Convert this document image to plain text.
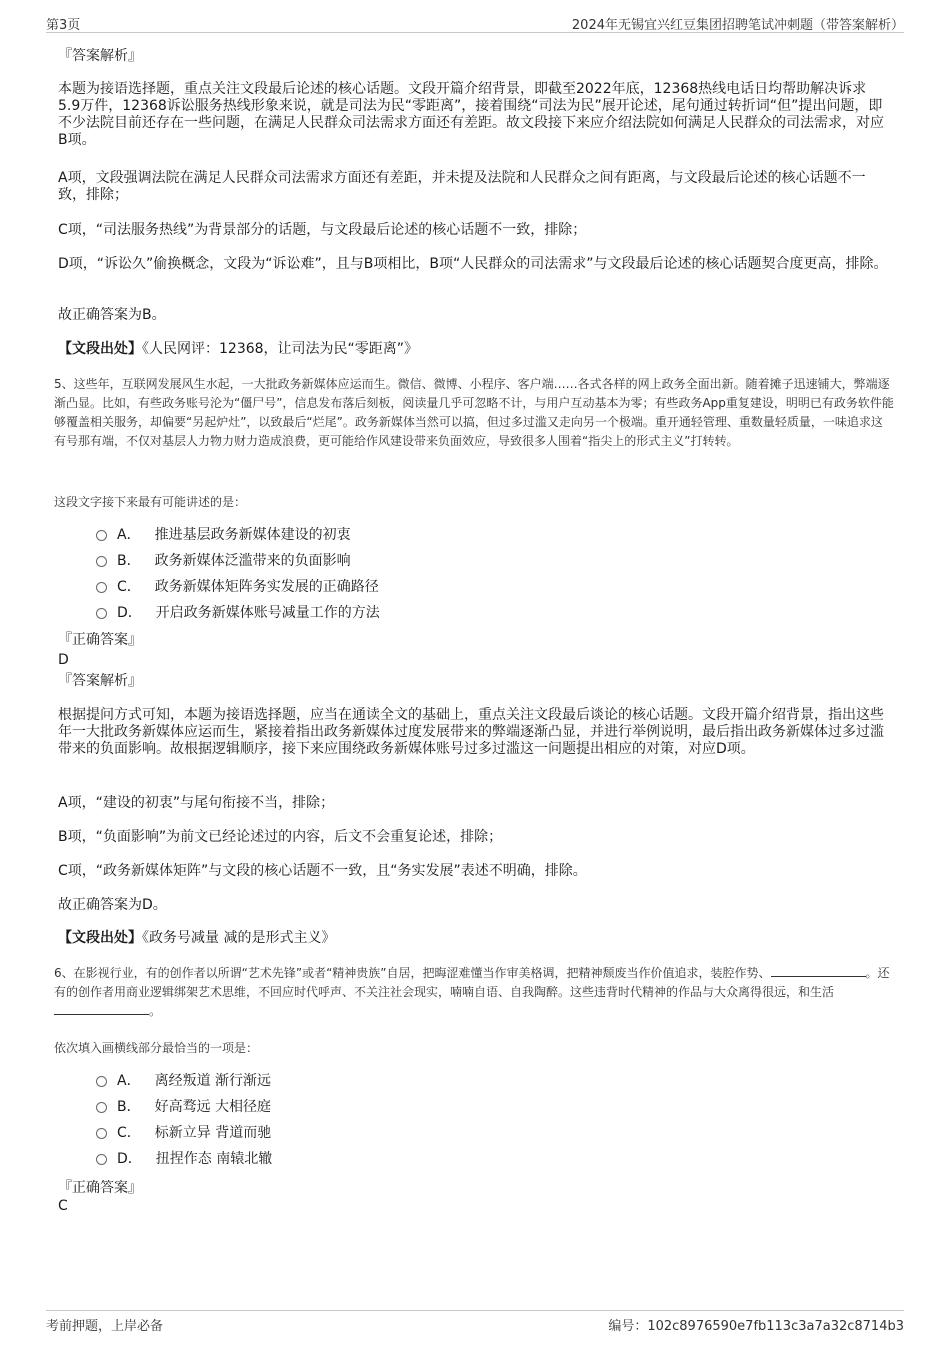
第3页	2024年无锡宜兴红豆集团招聘笔试冲刺题（带答案解析）
『答案解析』
本题为接语选择题，重点关注文段最后论述的核心话题。文段开篇介绍背景，即截至2022年底，12368热线电话日均帮助解决诉求5.9万件，12368诉讼服务热线形象来说，就是司法为民“零距离”，接着围绕“司法为民”展开论述，尾句通过转折词“但”提出问题，即不少法院目前还存在一些问题，在满足人民群众司法需求方面还有差距。故文段接下来应介绍法院如何满足人民群众的司法需求，对应B项。
A项，文段强调法院在满足人民群众司法需求方面还有差距，并未提及法院和人民群众之间有距离，与文段最后论述的核心话题不一致，排除；
C项，“司法服务热线”为背景部分的话题，与文段最后论述的核心话题不一致，排除；
D项，“诉讼久”偷换概念，文段为“诉讼难”，且与B项相比，B项“人民群众的司法需求”与文段最后论述的核心话题契合度更高，排除。
故正确答案为B。
【文段出处】《人民网评：12368，让司法为民“零距离”》
5、这些年，互联网发展风生水起，一大批政务新媒体应运而生。微信、微博、小程序、客户端……各式各样的网上政务全面出新。随着摊子迅速铺大，弊端逐渐凸显。比如，有些政务账号沦为“僵尸号”，信息发布落后刻板，阅读量几乎可忽略不计，与用户互动基本为零；有些政务App重复建设，明明已有政务软件能够覆盖相关服务，却偏要“另起炉灶”，以致最后“烂尾”。政务新媒体当然可以搞，但过多过滥又走向另一个极端。重开通轻管理、重数量轻质量，一味追求这有号那有端，不仅对基层人力物力财力造成浪费，更可能给作风建设带来负面效应，导致很多人围着“指尖上的形式主义”打转转。
这段文字接下来最有可能讲述的是：
A． 推进基层政务新媒体建设的初衷
B． 政务新媒体泛滥带来的负面影响
C． 政务新媒体矩阵务实发展的正确路径
D． 开启政务新媒体账号减量工作的方法
『正确答案』
D
『答案解析』
根据提问方式可知，本题为接语选择题，应当在通读全文的基础上，重点关注文段最后谈论的核心话题。文段开篇介绍背景，指出这些年一大批政务新媒体应运而生，紧接着指出政务新媒体过度发展带来的弊端逐渐凸显，并进行举例说明，最后指出政务新媒体过多过滥带来的负面影响。故根据逻辑顺序，接下来应围绕政务新媒体账号过多过滥这一问题提出相应的对策，对应D项。
A项，“建设的初衷”与尾句衔接不当，排除；
B项，“负面影响”为前文已经论述过的内容，后文不会重复论述，排除；
C项，“政务新媒体矩阵”与文段的核心话题不一致，且“务实发展”表述不明确，排除。
故正确答案为D。
【文段出处】《政务号减量 减的是形式主义》
6、在影视行业，有的创作者以所谓“艺术先锋”或者“精神贵族”自居，把晦涩难懂当作审美格调，把精神颓废当作价值追求，装腔作势、	。还有的创作者用商业逻辑绑架艺术思维，不回应时代呼声、不关注社会现实，喃喃自语、自我陶醉。这些违背时代精神的作品与大众离得很远，和生活。
依次填入画横线部分最恰当的一项是：
A． 离经叛道 渐行渐远
B． 好高骛远 大相径庭
C． 标新立异 背道而驰
D． 扭捏作态 南辕北辙
『正确答案』
C
考前押题，上岸必备	编号：102c8976590e7fb113c3a7a32c8714b3
